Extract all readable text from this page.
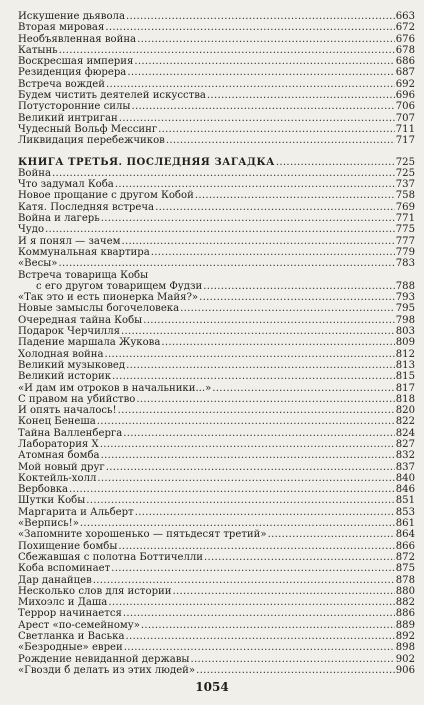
Искушение дьявола .....	663
Вторая мировая .....	672
Необъявленная война .....	676
Катынь .....	678
Воскресшая империя .....	686
Резиденция фюрера .....	687
Встреча вождей .....	692
Будем чистить деятелей искусства .....	696
Потусторонние силы .....	706
Великий интриган .....	707
Чудесный Вольф Мессинг .....	711
Ликвидация перебежчиков .....	717
КНИГА ТРЕТЬЯ. ПОСЛЕДНЯЯ ЗАГАДКА .....	725
Война .....	725
Что задумал Коба .....	737
Новое прощание с другом Кобой .....	758
Катя. Последняя встреча .....	769
Война и лагерь .....	771
Чудо .....	775
И я понял — зачем .....	777
Коммунальная квартира .....	779
«Весы» .....	783
Встреча товарища Кобы
с его другом товарищем Фудзи .....	788
«Так это и есть пионерка Майя?» .....	793
Новые замыслы богочеловека .....	795
Очередная тайна Кобы .....	798
Подарок Черчилля .....	803
Падение маршала Жукова .....	809
Холодная война .....	812
Великий музыковед .....	813
Великий историк .....	815
«И дам им отроков в начальники...» .....	817
С правом на убийство .....	818
И опять началось! .....	820
Конец Бенеша .....	822
Тайна Валленберга .....	824
Лаборатория Х .....	827
Атомная бомба .....	832
Мой новый друг .....	837
Коктейль-холл .....	840
Вербовка .....	846
Шутки Кобы .....	851
Маргарита и Альберт .....	853
«Верпись!» .....	861
«Запомните хорошенько — пятьдесят третий» .....	864
Похищение бомбы .....	866
Сбежавшая с полотна Боттичелли .....	872
Коба вспоминает .....	875
Дар данайцев .....	878
Несколько слов для истории .....	880
Михоэлс и Даша .....	882
Террор начинается .....	886
Арест «по-семейному» .....	889
Светланка и Васька .....	892
«Безродные» евреи .....	898
Рождение невиданной державы .....	902
«Гвозди б делать из этих людей» .....	906
1054
